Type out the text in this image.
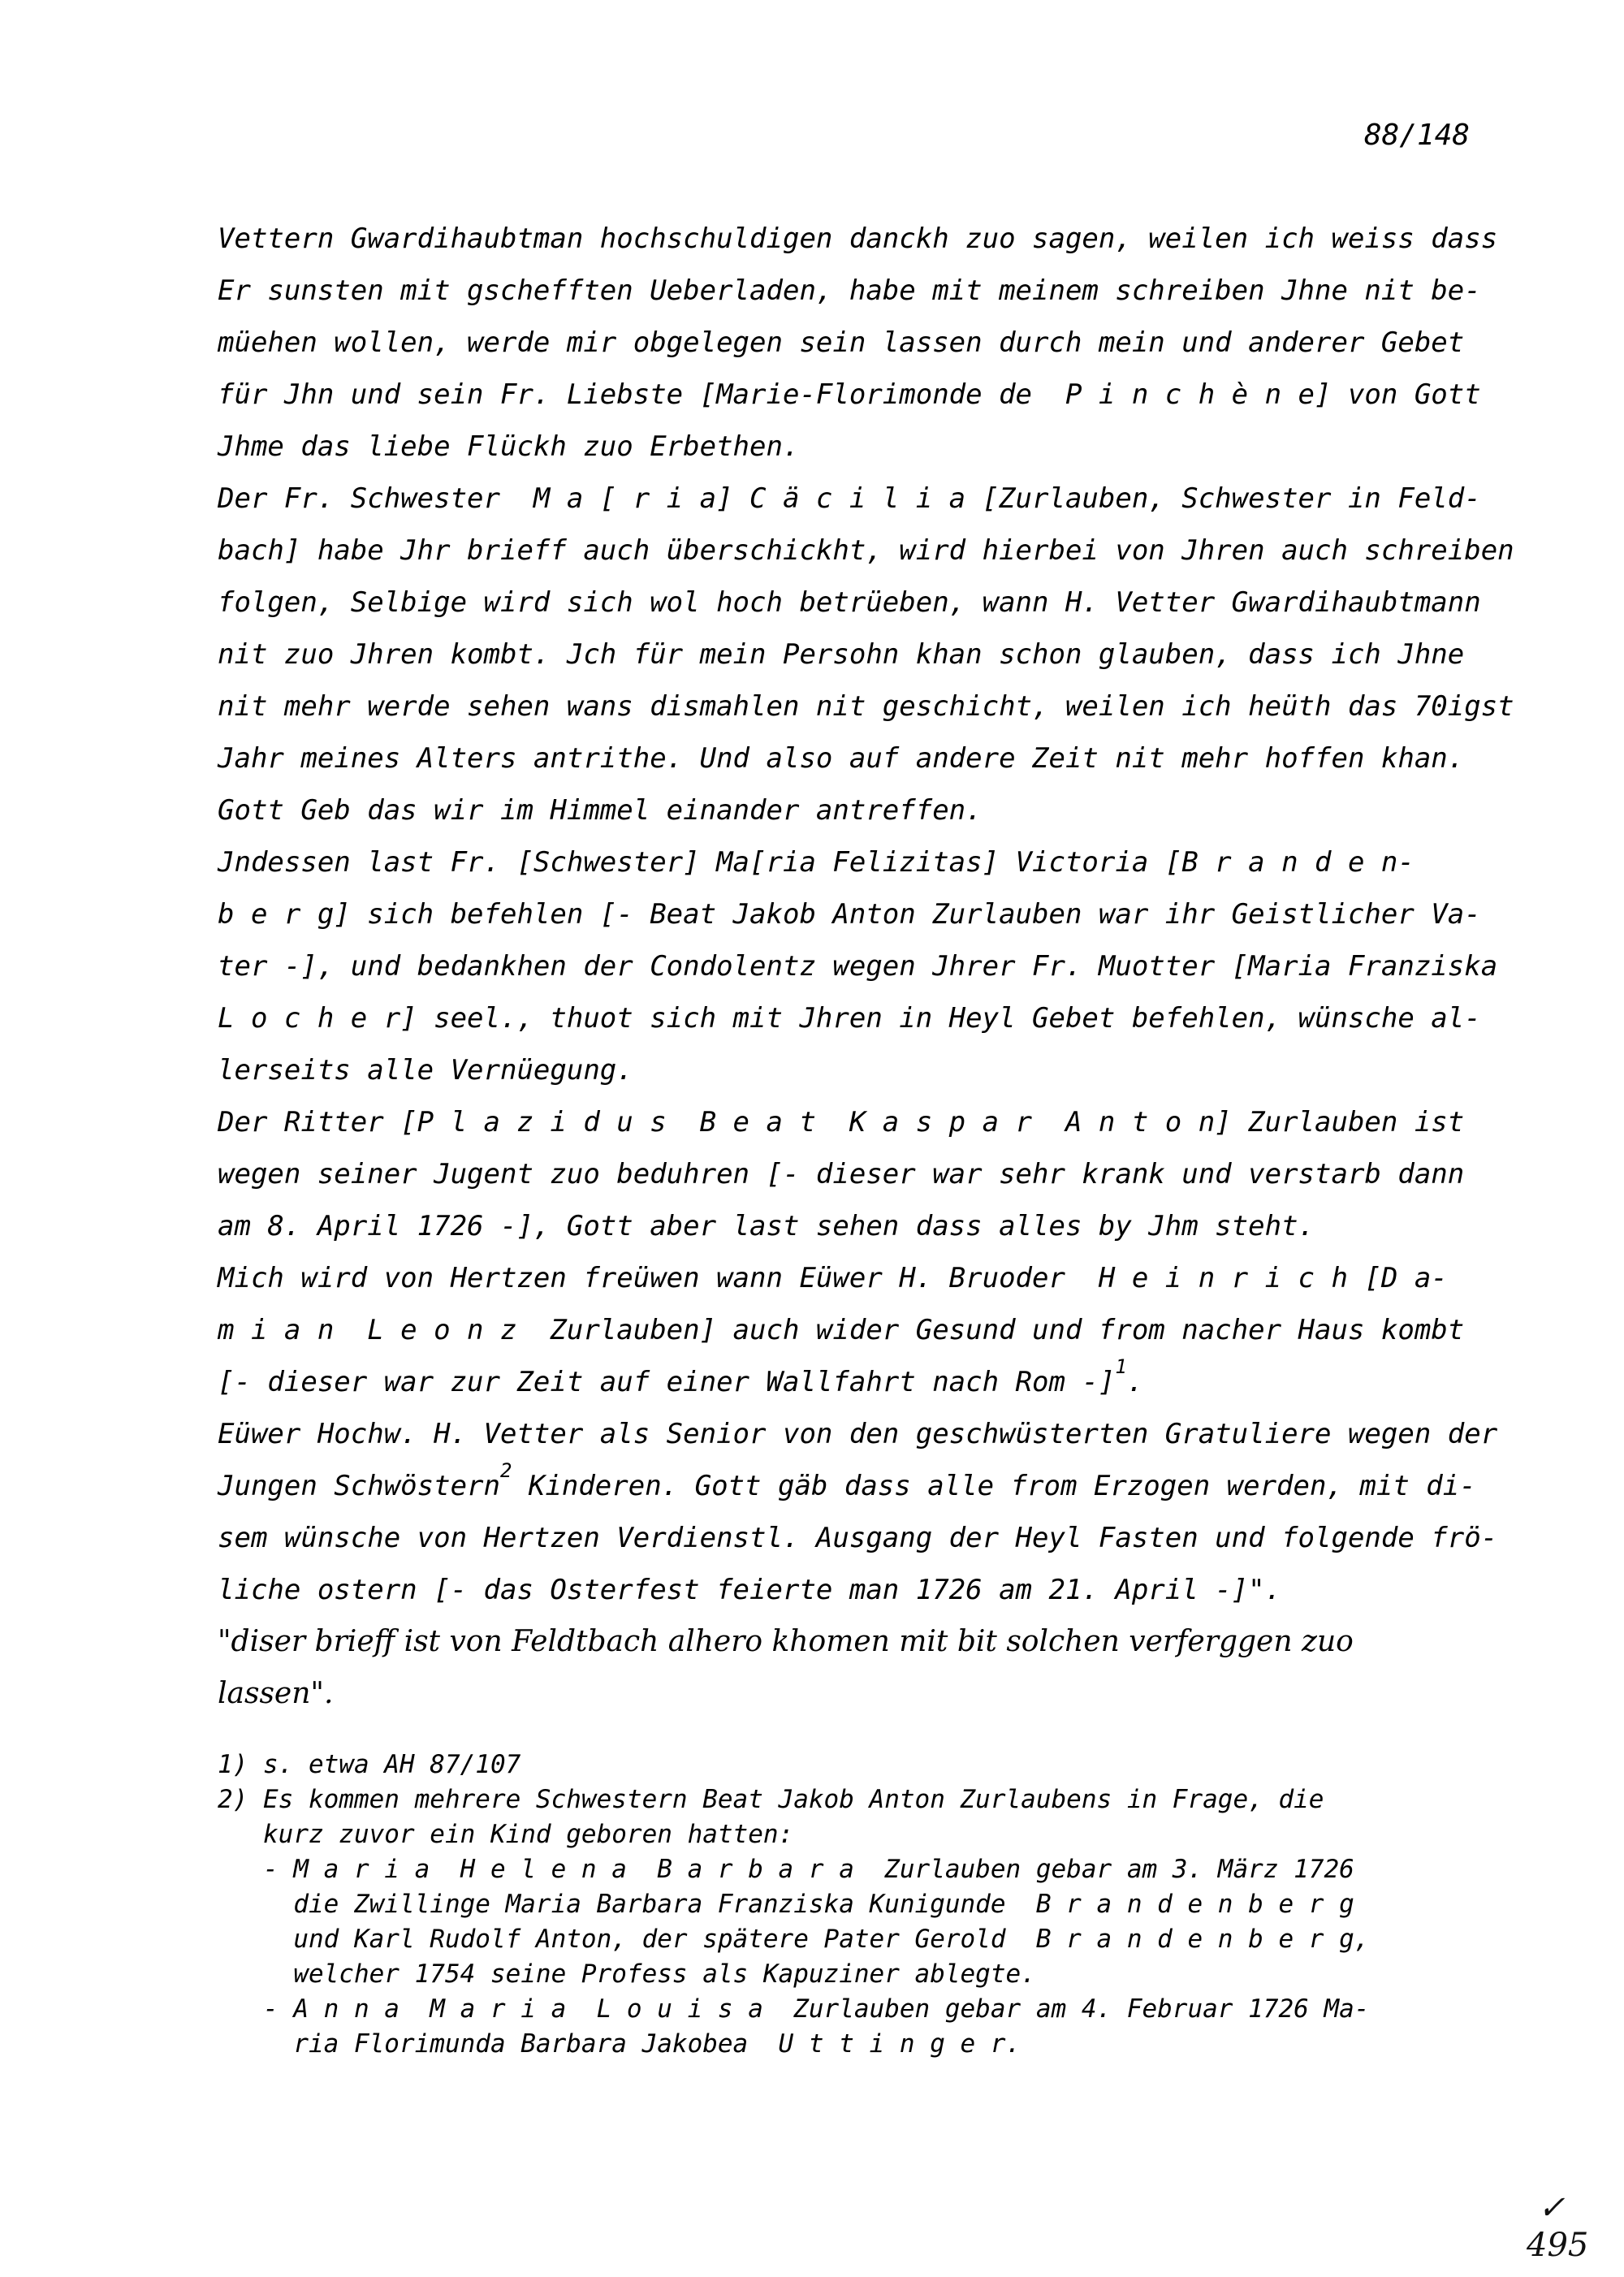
88/148
Vettern Gwardihaubtman hochschuldigen danckh zuo sagen, weilen ich weiss dass
Er sunsten mit gschefften Ueberladen, habe mit meinem schreiben Jhne nit be-
müehen wollen, werde mir obgelegen sein lassen durch mein und anderer Gebet
für Jhn und sein Fr. Liebste [Marie-Florimonde de  P i n c h è n e] von Gott
Jhme das liebe Flückh zuo Erbethen.
Der Fr. Schwester  M a [ r i a] C ä c i l i a [Zurlauben, Schwester in Feld-
bach] habe Jhr brieff auch überschickht, wird hierbei von Jhren auch schreiben
folgen, Selbige wird sich wol hoch betrüeben, wann H. Vetter Gwardihaubtmann
nit zuo Jhren kombt. Jch für mein Persohn khan schon glauben, dass ich Jhne
nit mehr werde sehen wans dismahlen nit geschicht, weilen ich heüth das 70igst
Jahr meines Alters antrithe. Und also auf andere Zeit nit mehr hoffen khan.
Gott Geb das wir im Himmel einander antreffen.
Jndessen last Fr. [Schwester] Ma[ria Felizitas] Victoria [B r a n d e n-
b e r g] sich befehlen [- Beat Jakob Anton Zurlauben war ihr Geistlicher Va-
ter -], und bedankhen der Condolentz wegen Jhrer Fr. Muotter [Maria Franziska
L o c h e r] seel., thuot sich mit Jhren in Heyl Gebet befehlen, wünsche al-
lerseits alle Vernüegung.
Der Ritter [P l a z i d u s  B e a t  K a s p a r  A n t o n] Zurlauben ist
wegen seiner Jugent zuo beduhren [- dieser war sehr krank und verstarb dann
am 8. April 1726 -], Gott aber last sehen dass alles by Jhm steht.
Mich wird von Hertzen freüwen wann Eüwer H. Bruoder  H e i n r i c h [D a-
m i a n  L e o n z  Zurlauben] auch wider Gesund und from nacher Haus kombt
[- dieser war zur Zeit auf einer Wallfahrt nach Rom -]$^1$.
Eüwer Hochw. H. Vetter als Senior von den geschwüsterten Gratuliere wegen der
Jungen Schwöstern$^2$ Kinderen. Gott gäb dass alle from Erzogen werden, mit di-
sem wünsche von Hertzen Verdienstl. Ausgang der Heyl Fasten und folgende frö-
liche ostern [- das Osterfest feierte man 1726 am 21. April -]".
"diser brieff ist von Feldtbach alhero khomen mit bit solchen verferggen zuo
lassen".
1) s. etwa AH 87/107
2) Es kommen mehrere Schwestern Beat Jakob Anton Zurlaubens in Frage, die
kurz zuvor ein Kind geboren hatten:
- M a r i a  H e l e n a  B a r b a r a  Zurlauben gebar am 3. März 1726
die Zwillinge Maria Barbara Franziska Kunigunde  B r a n d e n b e r g
und Karl Rudolf Anton, der spätere Pater Gerold  B r a n d e n b e r g,
welcher 1754 seine Profess als Kapuziner ablegte.
- A n n a  M a r i a  L o u i s a  Zurlauben gebar am 4. Februar 1726 Ma-
ria Florimunda Barbara Jakobea  U t t i n g e r.
✓
495
